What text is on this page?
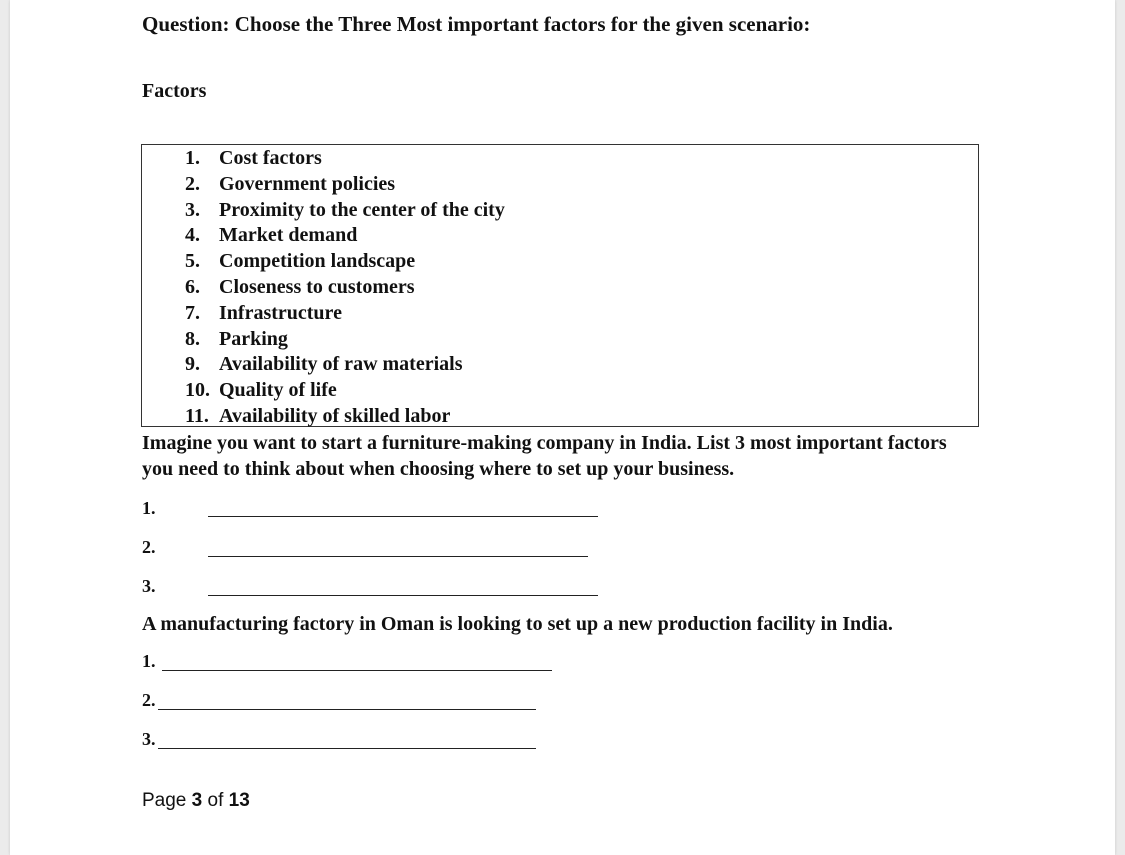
Question: Choose the Three Most important factors for the given scenario:
Factors
1. Cost factors
2. Government policies
3. Proximity to the center of the city
4. Market demand
5. Competition landscape
6. Closeness to customers
7. Infrastructure
8. Parking
9. Availability of raw materials
10. Quality of life
11. Availability of skilled labor
Imagine you want to start a furniture-making company in India. List 3 most important factors you need to think about when choosing where to set up your business.
1.
2.
3.
A manufacturing factory in Oman is looking to set up a new production facility in India.
1.
2.
3.
Page 3 of 13
